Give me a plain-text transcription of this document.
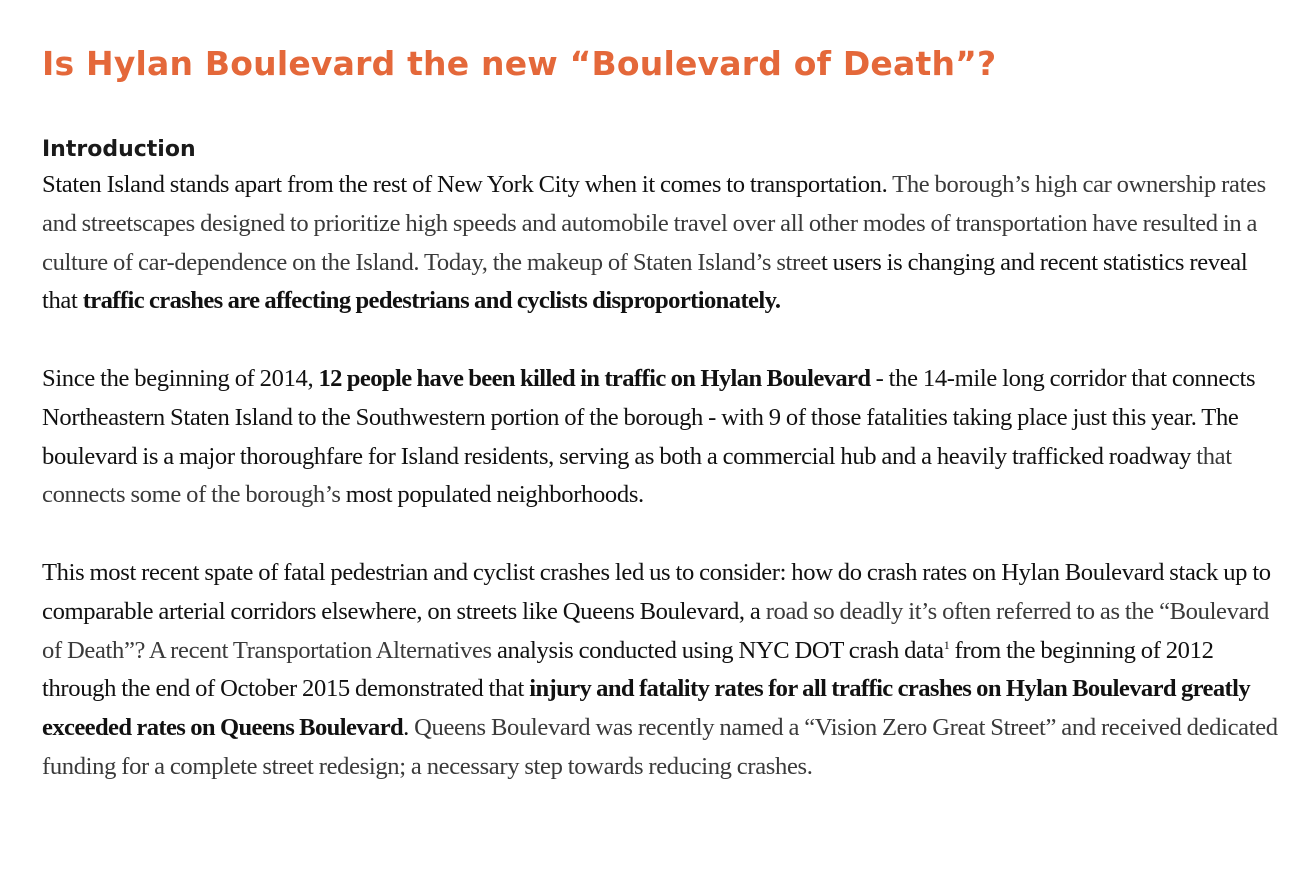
Is Hylan Boulevard the new “Boulevard of Death”?
Introduction

Staten Island stands apart from the rest of New York City when it comes to transportation. The borough’s high car ownership rates and streetscapes designed to prioritize high speeds and automobile travel over all other modes of transportation have resulted in a culture of car-dependence on the Island. Today, the makeup of Staten Island’s street users is changing and recent statistics reveal that traffic crashes are affecting pedestrians and cyclists disproportionately.

Since the beginning of 2014, 12 people have been killed in traffic on Hylan Boulevard - the 14-mile long corridor that connects Northeastern Staten Island to the Southwestern portion of the borough - with 9 of those fatalities taking place just this year. The boulevard is a major thoroughfare for Island residents, serving as both a commercial hub and a heavily trafficked roadway that connects some of the borough’s most populated neighborhoods.

This most recent spate of fatal pedestrian and cyclist crashes led us to consider: how do crash rates on Hylan Boulevard stack up to comparable arterial corridors elsewhere, on streets like Queens Boulevard, a road so deadly it’s often referred to as the “Boulevard of Death”? A recent Transportation Alternatives analysis conducted using NYC DOT crash data$^1$ from the beginning of 2012 through the end of October 2015 demonstrated that injury and fatality rates for all traffic crashes on Hylan Boulevard greatly exceeded rates on Queens Boulevard. Queens Boulevard was recently named a “Vision Zero Great Street” and received dedicated funding for a complete street redesign; a necessary step towards reducing crashes.
